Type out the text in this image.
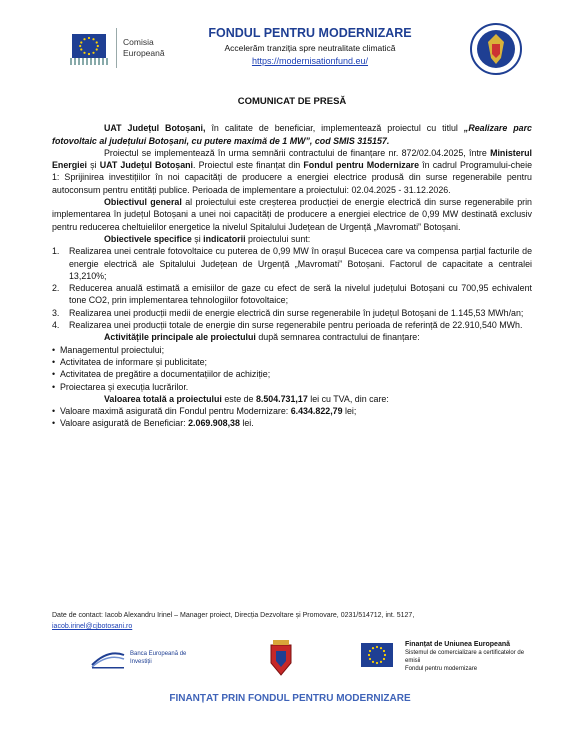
Comisia Europeană
FONDUL PENTRU MODERNIZARE
Accelerăm tranziția spre neutralitate climatică
https://modernisationfund.eu/
COMUNICAT DE PRESĂ

UAT Județul Botoșani, în calitate de beneficiar, implementează proiectul cu titlul „Realizare parc fotovoltaic al județului Botoșani, cu putere maximă de 1 MW”, cod SMIS 315157.

Proiectul se implementează în urma semnării contractului de finanțare nr. 872/02.04.2025, între Ministerul Energiei și UAT Județul Botoșani. Proiectul este finanțat din Fondul pentru Modernizare în cadrul Programului-cheie 1: Sprijinirea investițiilor în noi capacități de producere a energiei electrice produsă din surse regenerabile pentru autoconsum pentru entități publice. Perioada de implementare a proiectului: 02.04.2025 - 31.12.2026.

Obiectivul general al proiectului este creșterea producției de energie electrică din surse regenerabile prin implementarea în județul Botoșani a unei noi capacități de producere a energiei electrice de 0,99 MW destinată exclusiv pentru reducerea cheltuielilor energetice la nivelul Spitalului Județean de Urgență „Mavromati” Botoșani.

Obiectivele specifice și indicatorii proiectului sunt:

1.	Realizarea unei centrale fotovoltaice cu puterea de 0,99 MW în orașul Bucecea care va compensa parțial facturile de energie electrică ale Spitalului Județean de Urgență „Mavromati” Botoșani. Factorul de capacitate a centralei 13,210%;
2.	Reducerea anuală estimată a emisiilor de gaze cu efect de seră la nivelul județului Botoșani cu 700,95 echivalent tone CO2, prin implementarea tehnologiilor fotovoltaice;
3.	Realizarea unei producții medii de energie electrică din surse regenerabile în județul Botoșani de 1.145,53 MWh/an;
4.	Realizarea unei producții totale de energie din surse regenerabile pentru perioada de referință de 22.910,540 MWh.

Activitățile principale ale proiectului după semnarea contractului de finanțare:

• Managementul proiectului;
• Activitatea de informare și publicitate;
• Activitatea de pregătire a documentațiilor de achiziție;
• Proiectarea și execuția lucrărilor.

Valoarea totală a proiectului este de 8.504.731,17 lei cu TVA, din care:

• Valoare maximă asigurată din Fondul pentru Modernizare: 6.434.822,79 lei;
• Valoare asigurată de Beneficiar: 2.069.908,38 lei.
Date de contact: Iacob Alexandru Irinel – Manager proiect, Direcția Dezvoltare și Promovare, 0231/514712, int. 5127,
iacob.irinel@cjbotosani.ro
Banca Europeană de Investiții
Finanțat de Uniunea Europeană
Sistemul de comercializare a certificatelor de emisii
Fondul pentru modernizare
FINANȚAT PRIN FONDUL PENTRU MODERNIZARE
